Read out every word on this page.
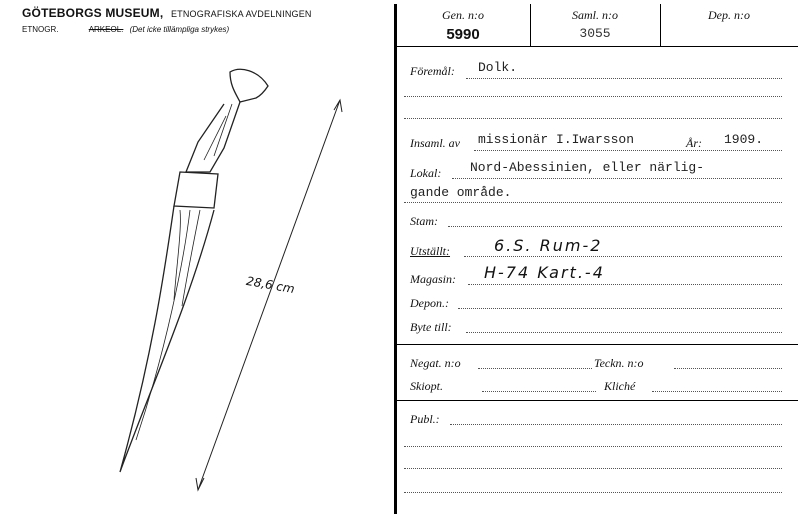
GÖTEBORGS MUSEUM, ETNOGRAFISKA AVDELNINGEN
ETNOGR.	ARKEOL. (Det icke tillämpliga strykes)
28,6 cm
Gen. n:o
5990
Saml. n:o
3055
Dep. n:o
Föremål: Dolk.
Insaml. av missionär I.Iwarsson	År: 1909.
Lokal: Nord-Abessinien, eller närlig-
gande område.
Stam:
Utställt:	6.S. Rum-2
Magasin: H-74 Kart.-4
Depon.:
Byte till:
Negat. n:o	Teckn. n:o
Skiopt.	Kliché
Publ.:
